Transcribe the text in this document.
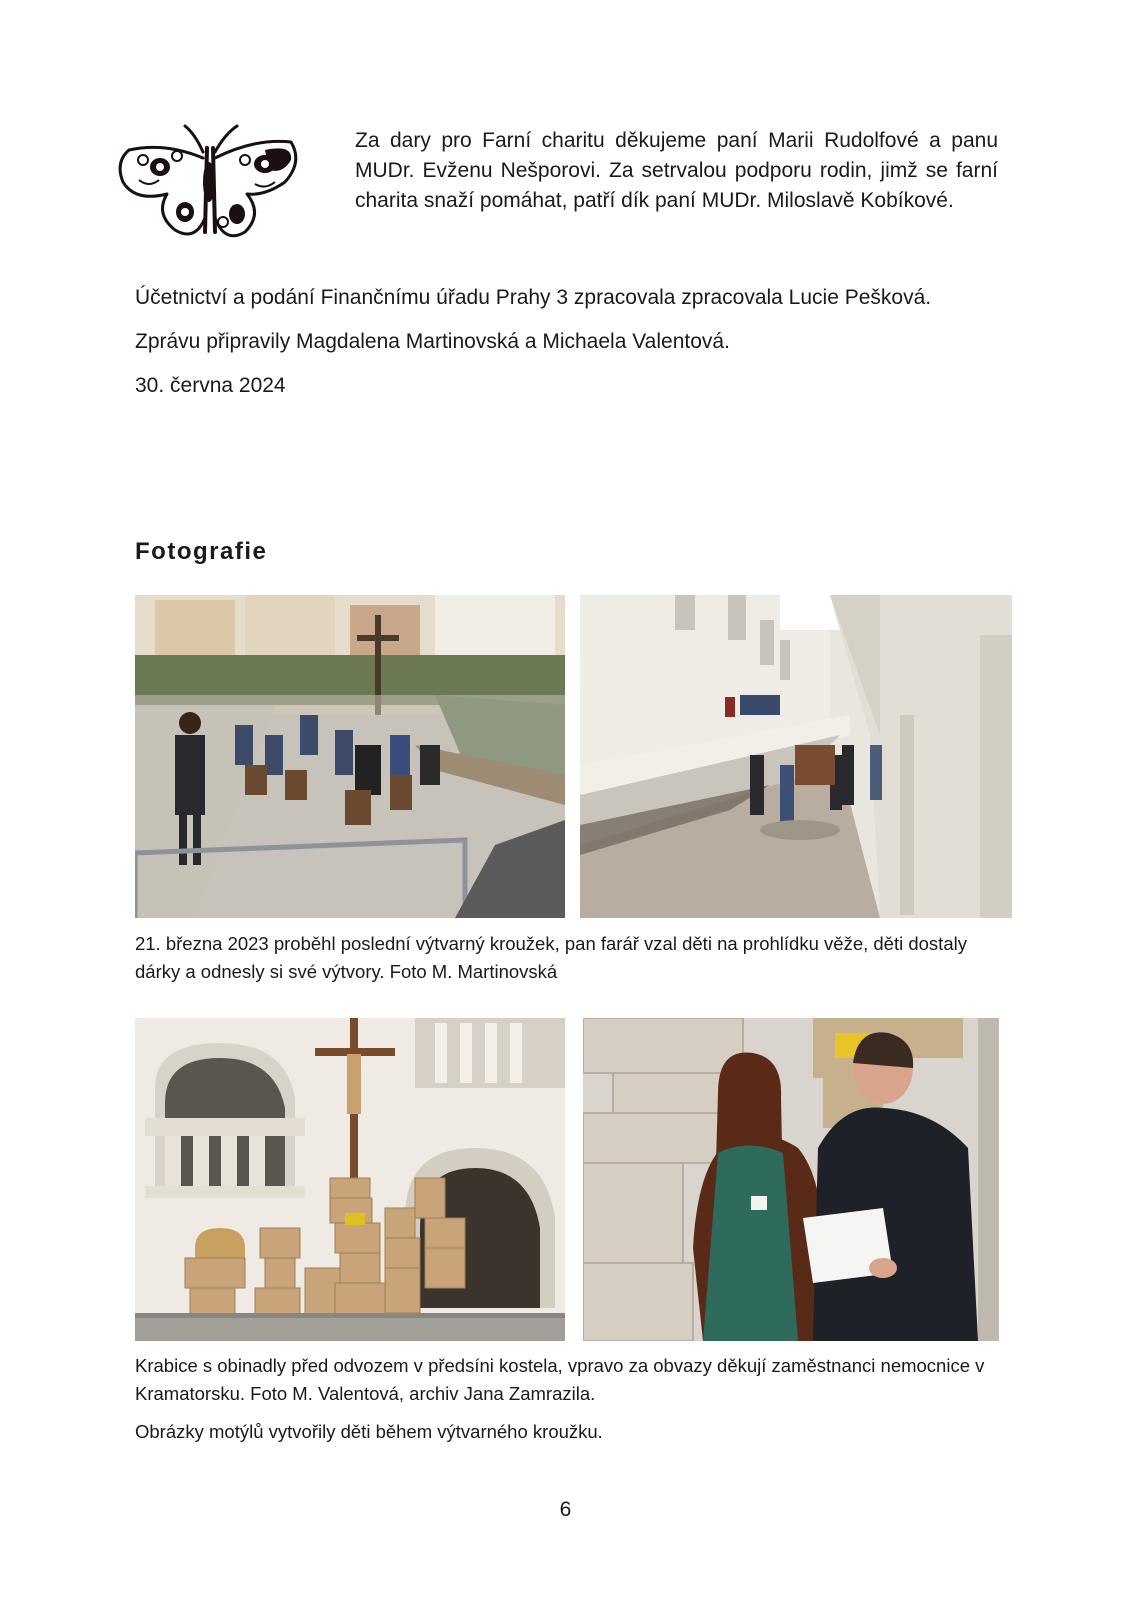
Za dary pro Farní charitu děkujeme paní Marii Rudolfové a panu MUDr. Evženu Nešporovi. Za setrvalou podporu rodin, jimž se farní charita snaží pomáhat, patří dík paní MUDr. Miloslavě Kobíkové.
Účetnictví a podání Finančnímu úřadu Prahy 3 zpracovala zpracovala Lucie Pešková.
Zprávu připravily Magdalena Martinovská a Michaela Valentová.
30. června 2024
Fotografie
21. března 2023 proběhl poslední výtvarný kroužek, pan farář vzal děti na prohlídku věže, děti dostaly dárky a odnesly si své výtvory. Foto M. Martinovská
Krabice s obinadly před odvozem v předsíni kostela, vpravo za obvazy děkují zaměstnanci nemocnice v Kramatorsku. Foto M. Valentová, archiv Jana Zamrazila.
Obrázky motýlů vytvořily děti během výtvarného kroužku.
6
